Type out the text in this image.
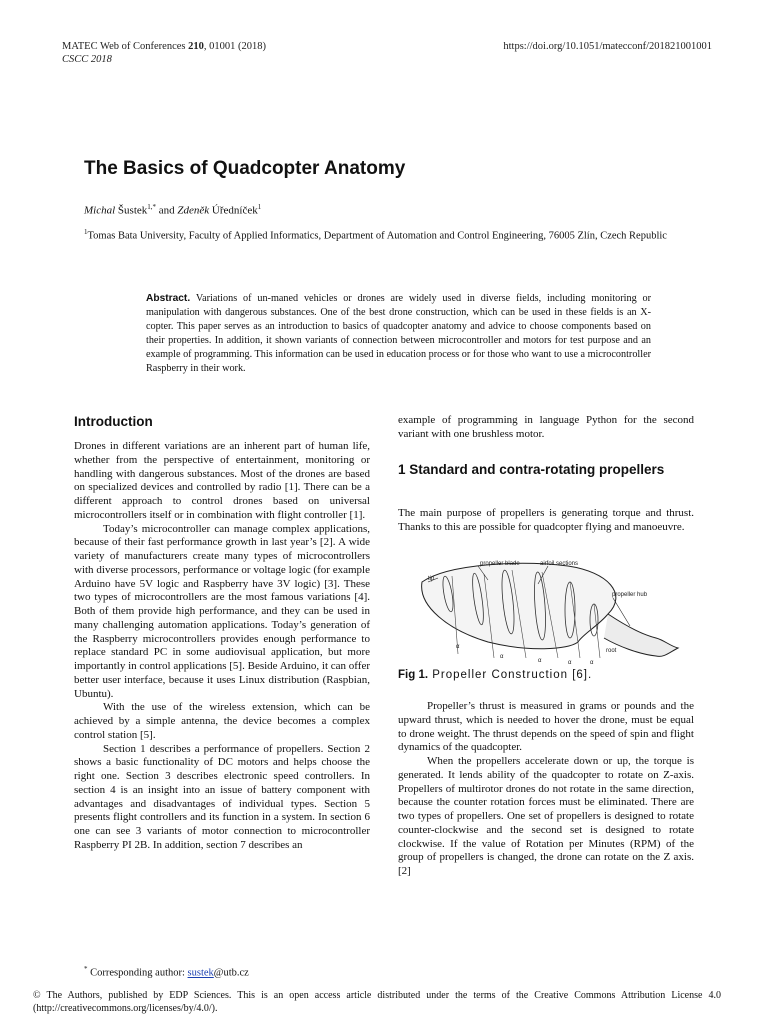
MATEC Web of Conferences 210, 01001 (2018)
CSCC 2018
https://doi.org/10.1051/matecconf/201821001001
The Basics of Quadcopter Anatomy
Michal Šustek$^{1,*}$ and Zdeněk Úředníček$^1$
$^1$Tomas Bata University, Faculty of Applied Informatics, Department of Automation and Control Engineering, 76005 Zlín, Czech Republic
Abstract. Variations of un-maned vehicles or drones are widely used in diverse fields, including monitoring or manipulation with dangerous substances. One of the best drone construction, which can be used in these fields is an X-copter. This paper serves as an introduction to basics of quadcopter anatomy and advice to choose components based on their properties. In addition, it shown variants of connection between microcontroller and motors for test purpose and an example of programming. This information can be used in education process or for those who want to use a microcontroller Raspberry in their work.
Introduction

Drones in different variations are an inherent part of human life, whether from the perspective of entertainment, monitoring or handling with dangerous substances. Most of the drones are based on specialized devices and controlled by radio [1]. There can be a different approach to control drones based on universal microcontrollers itself or in combination with flight controller [1].

Today’s microcontroller can manage complex applications, because of their fast performance growth in last year’s [2]. A wide variety of manufacturers create many types of microcontrollers with diverse processors, performance or voltage logic (for example Arduino have 5V logic and Raspberry have 3V logic) [3]. These two types of microcontrollers are the most famous variations [4]. Both of them provide high performance, and they can be used in many challenging automation applications. Today’s generation of the Raspberry microcontrollers provides enough performance to replace standard PC in some audiovisual application, but more importantly in control applications [5]. Beside Arduino, it can offer better user interface, because it uses Linux distribution (Raspbian, Ubuntu).

With the use of the wireless extension, which can be achieved by a simple antenna, the device becomes a complex control station [5].

Section 1 describes a performance of propellers. Section 2 shows a basic functionality of DC motors and helps choose the right one. Section 3 describes electronic speed controllers. In section 4 is an insight into an issue of battery component with advantages and disadvantages of individual types. Section 5 presents flight controllers and its function in a system. In section 6 one can see 3 variants of motor connection to microcontroller Raspberry PI 2B. In addition, section 7 describes an

example of programming in language Python for the second variant with one brushless motor.
1 Standard and contra-rotating propellers
The main purpose of propellers is generating torque and thrust. Thanks to this are possible for quadcopter flying and manoeuvre.
propeller blade	airfoil sections
tip
propeller hub
root
α
α
α	α	α
Fig 1. Propeller Construction [6].

Propeller’s thrust is measured in grams or pounds and the upward thrust, which is needed to hover the drone, must be equal to drone weight. The thrust depends on the speed of spin and flight dynamics of the quadcopter.

When the propellers accelerate down or up, the torque is generated. It lends ability of the quadcopter to rotate on Z-axis. Propellers of multirotor drones do not rotate in the same direction, because the counter rotation forces must be eliminated. There are two types of propellers. One set of propellers is designed to rotate counter-clockwise and the second set is designed to rotate clockwise. If the value of Rotation per Minutes (RPM) of the group of propellers is changed, the drone can rotate on the Z axis. [2]

* Corresponding author: sustek@utb.cz
© The Authors, published by EDP Sciences. This is an open access article distributed under the terms of the Creative Commons Attribution License 4.0 (http://creativecommons.org/licenses/by/4.0/).
